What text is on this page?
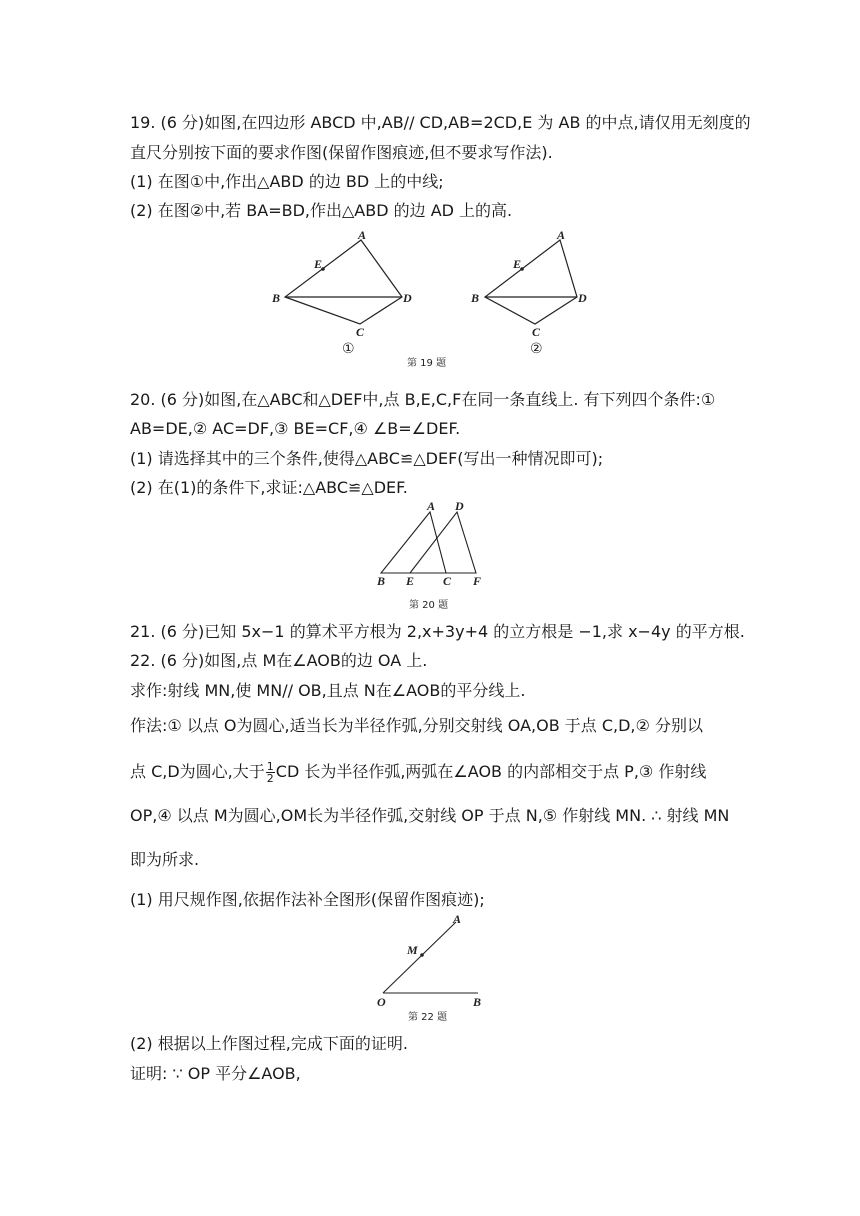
19. (6 分)如图,在四边形 ABCD 中,AB// CD,AB=2CD,E 为 AB 的中点,请仅用无刻度的
直尺分别按下面的要求作图(保留作图痕迹,但不要求写作法).
(1) 在图①中,作出△ABD 的边 BD 上的中线;
(2) 在图②中,若 BA=BD,作出△ABD 的边 AD 上的高.
A
E
B	D
C
①
A
E
B	D
C
②
第 19 题
20. (6 分)如图,在△ABC和△DEF中,点 B,E,C,F在同一条直线上. 有下列四个条件:①
AB=DE,② AC=DF,③ BE=CF,④ ∠B=∠DEF.
(1) 请选择其中的三个条件,使得△ABC≌△DEF(写出一种情况即可);
(2) 在(1)的条件下,求证:△ABC≌△DEF.
A D
B E C F
第 20 题
21. (6 分)已知 5x−1 的算术平方根为 2,x+3y+4 的立方根是 −1,求 x−4y 的平方根.
22. (6 分)如图,点 M在∠AOB的边 OA 上.
求作:射线 MN,使 MN// OB,且点 N在∠AOB的平分线上.
作法:① 以点 O为圆心,适当长为半径作弧,分别交射线 OA,OB 于点 C,D,② 分别以
点 C,D为圆心,大于 $\frac{1}{2}$ CD 长为半径作弧,两弧在∠AOB 的内部相交于点 P,③ 作射线
OP,④ 以点 M为圆心,OM长为半径作弧,交射线 OP 于点 N,⑤ 作射线 MN. ∴ 射线 MN
即为所求.
(1) 用尺规作图,依据作法补全图形(保留作图痕迹);
A
M
O	B
第 22 题
(2) 根据以上作图过程,完成下面的证明.
证明: ∵ OP 平分∠AOB,
